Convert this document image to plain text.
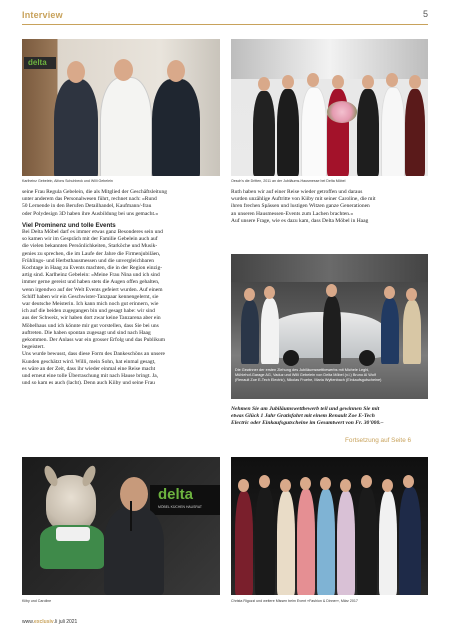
Interview	5
delta
Karlheinz Gebelein, Alfons Schuhbeck und Willi Gebelein	Oesch's die Dritten, 2011 an der Jubiläums-Hausmesse bei Delta Möbel

seine Frau Regula Gebelein, die als Mitglied der Geschäftsleitung

unter anderem das Personalwesen führt, rechnet nach: «Rund

50 Lernende in den Berufen Detailhandel, Kaufmann/-frau

oder Polydesign 3D haben ihre Ausbildung bei uns gemacht.»

Viel Prominenz und tolle Events

Bei Delta Möbel darf es immer etwas ganz Besonderes sein und

so kamen wir im Gespräch mit der Familie Gebelein auch auf

die vielen bekannten Persönlichkeiten, Starköche und Musik-

genies zu sprechen, die im Laufe der Jahre die Firmenjubiläen,

Frühlings- und Herbsthausmessen und die unvergleichbaren

Kochtage in Haag zu Events machten, die in der Region einzig-

artig sind. Karlheinz Gebelein: «Meine Frau Nina und ich sind

immer gerne gereist und haben stets die Augen offen gehalten,

wenn irgendwo auf der Welt Events gefeiert wurden. Auf einem

Schiff haben wir ein Geschwister-Tanzpaar kennengelernt, sie

war deutsche Meisterin. Ich kann mich noch gut erinnern, wie

ich auf die beiden zugegangen bin und gesagt habe: wir sind

aus der Schweiz, wir haben dort zwar keine Tanzarena aber ein

Möbelhaus und ich könnte mir gut vorstellen, dass Sie bei uns

auftreten. Die haben spontan zugesagt und sind nach Haag

gekommen. Der Anlass war ein grosser Erfolg und das Publikum

begeistert.

Uns wurde bewusst, dass diese Form des Dankeschöns an unsere

Kunden geschätzt wird. Willi, mein Sohn, hat einmal gesagt,

es wäre an der Zeit, dass ihr wieder einmal eine Reise macht

und erneut eine tolle Überraschung mit nach Hause bringt. Ja,

und so kam es auch (lacht). Denn auch Kiiby und seine Frau

Ruth haben wir auf einer Reise wieder getroffen und daraus

wurden unzählige Auftritte von Kiiby mit seiner Caroline, die mit

ihren frechen Spässen und lustigen Witzen ganze Generationen

an unseren Hausmessen-Events zum Lachen brachten.»

Auf unsere Frage, wie es dazu kam, dass Delta Möbel in Haag

Die Gewinner der ersten Ziehung des Jubiläumswettbewerbs mit Michele Leghi, Mühlehof-Garage AG, Vaduz und Willi Gebelein von Delta Möbel (v.l.) Bruno Al Wolf (Renault Zoe E-Tech Electric), Nikolas Fruehe, Maria Wyttenbach (Einkaufsgutscheine)
Nehmen Sie am Jubiläumswettbewerb teil und gewinnen Sie mit
etwas Glück 1 Jahr Gratisfahrt mit einem Renault Zoe E-Tech
Electric oder Einkaufsgutscheine im Gesamtwert von Fr. 30'000.–
Fortsetzung auf Seite 6
delta
MÖBEL KÜCHEN HAUSRAT
Kiiby und Caroline	Christa Rigozzi und weitere Missen beim Event «Fashion & Dinner», März 2017
www.exclusiv.li juli 2021
